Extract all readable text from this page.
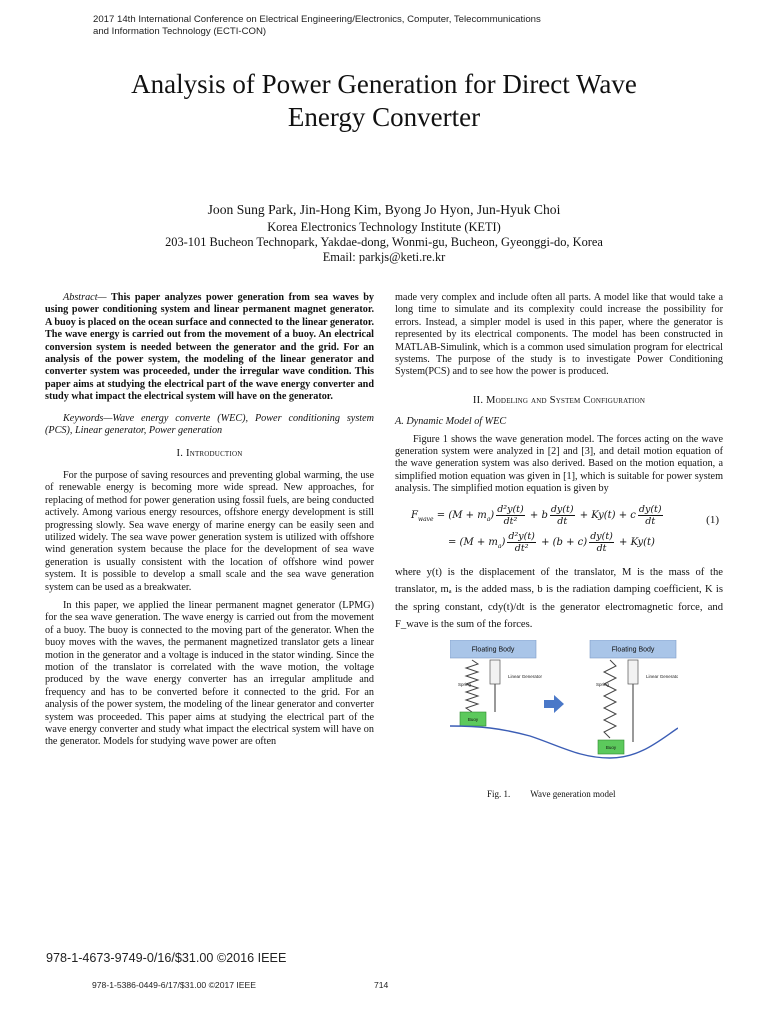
2017 14th International Conference on Electrical Engineering/Electronics, Computer, Telecommunications
and Information Technology (ECTI-CON)
Analysis of Power Generation for Direct Wave
Energy Converter
Joon Sung Park, Jin-Hong Kim, Byong Jo Hyon, Jun-Hyuk Choi
Korea Electronics Technology Institute (KETI)
203-101 Bucheon Technopark, Yakdae-dong, Wonmi-gu, Bucheon, Gyeonggi-do, Korea
Email: parkjs@keti.re.kr

Abstract— This paper analyzes power generation from sea waves by using power conditioning system and linear permanent magnet generator. A buoy is placed on the ocean surface and connected to the linear generator. The wave energy is carried out from the movement of a buoy. An electrical conversion system is needed between the generator and the grid. For an analysis of the power system, the modeling of the linear generator and converter system was proceeded, under the irregular wave condition. This paper aims at studying the electrical part of the wave energy converter and study what impact the electrical system will have on the generator.

Keywords—Wave energy converte (WEC), Power conditioning system (PCS), Linear generator, Power generation

I. Introduction

For the purpose of saving resources and preventing global warming, the use of renewable energy is becoming more wide spread. New approaches, for replacing of method for power generation using fossil fuels, are being conducted actively. Among various energy resources, offshore energy development is still progressing slowly. Sea wave energy of marine energy can be easily seen and utilized widely. The sea wave power generation system is utilized with offshore wind generation system because the place for the development of sea wave generation is usually consistent with the location of offshore wind power system. It is possible to develop a small scale and the sea wave generation system can be used as a breakwater.

In this paper, we applied the linear permanent magnet generator (LPMG) for the sea wave generation. The wave energy is carried out from the movement of a buoy. The buoy is connected to the moving part of the generator. When the buoy moves with the waves, the permanent magnetized translator gets a linear motion in the generator and a voltage is induced in the stator winding. Since the motion of the translator is correlated with the wave motion, the voltage produced by the wave energy converter has an irregular amplitude and frequency and has to be converted before it connected to the grid. For an analysis of the power system, the modeling of the linear generator and converter system was proceeded. This paper aims at studying the electrical part of the wave energy converter and study what impact the electrical system will have on the generator. Models for studying wave power are often

made very complex and include often all parts. A model like that would take a long time to simulate and its complexity could increase the possibility for errors. Instead, a simpler model is used in this paper, where the generator is represented by its electrical components. The model has been constructed in MATLAB-Simulink, which is a common used simulation program for electrical systems. The purpose of the study is to investigate Power Conditioning System(PCS) and to see how the power is produced.

II. Modeling and System Configuration

A. Dynamic Model of WEC

Figure 1 shows the wave generation model. The forces acting on the wave generation system were analyzed in [2] and [3], and detail motion equation of the wave generation system was also derived. Based on the motion equation, a simplified motion equation was given in [1], which is suitable for power system analysis. The simplified motion equation is given by

$F_{wave} = (M + m_a) \frac{\text{d²y(t)}}{\text{dt²}} + b \frac{dy(t)}{dt} + Ky(t) + c \frac{dy(t)}{dt}$
= $(M + m_a) \frac{\text{d²y(t)}}{\text{dt²}} + (b + c) \frac{dy(t)}{dt} + Ky(t)$
(1)

where y(t) is the displacement of the translator, M is the mass of the translator, mₐ is the added mass, b is the radiation damping coefficient, K is the spring constant, cdy(t)/dt is the generator electromagnetic force, and F_wave is the sum of the forces.

Floating Body
Spring
Linear Generator
Buoy
Floating Body
Spring
Linear Generator
Buoy

Fig. 1. Wave generation model

978-1-4673-9749-0/16/$31.00 ©2016 IEEE
978-1-5386-0449-6/17/$31.00 ©2017 IEEE	714
